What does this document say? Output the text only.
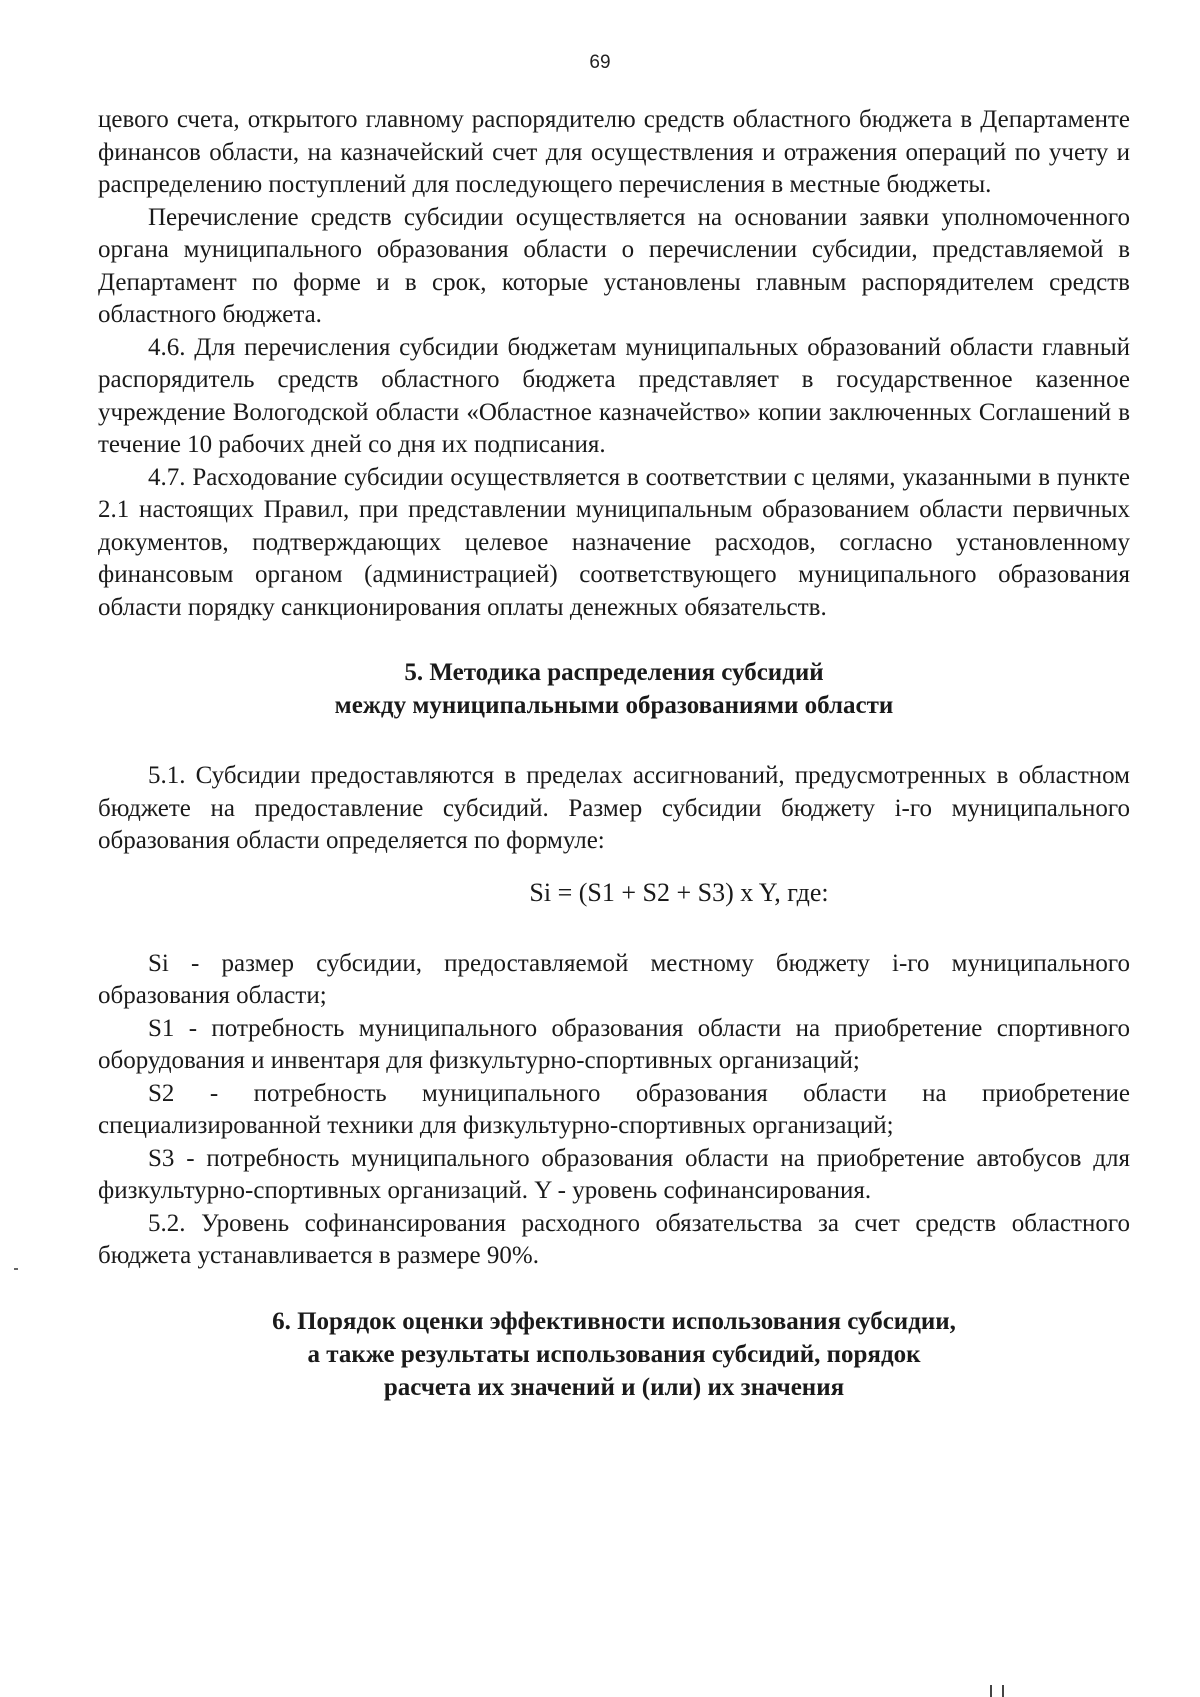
69

цевого счета, открытого главному распорядителю средств областного бюджета в Департаменте финансов области, на казначейский счет для осуществления и отражения операций по учету и распределению поступлений для последующего перечисления в местные бюджеты.

Перечисление средств субсидии осуществляется на основании заявки уполномоченного органа муниципального образования области о перечислении субсидии, представляемой в Департамент по форме и в срок, которые установлены главным распорядителем средств областного бюджета.

4.6. Для перечисления субсидии бюджетам муниципальных образований области главный распорядитель средств областного бюджета представляет в государственное казенное учреждение Вологодской области «Областное казначейство» копии заключенных Соглашений в течение 10 рабочих дней со дня их подписания.

4.7. Расходование субсидии осуществляется в соответствии с целями, указанными в пункте 2.1 настоящих Правил, при представлении муниципальным образованием области первичных документов, подтверждающих целевое назначение расходов, согласно установленному финансовым органом (администрацией) соответствующего муниципального образования области порядку санкционирования оплаты денежных обязательств.

5. Методика распределения субсидий
между муниципальными образованиями области

5.1. Субсидии предоставляются в пределах ассигнований, предусмотренных в областном бюджете на предоставление субсидий. Размер субсидии бюджету i-го муниципального образования области определяется по формуле:

Si = (S1 + S2 + S3) x Y, где:

Si - размер субсидии, предоставляемой местному бюджету i-го муниципального образования области;

S1 - потребность муниципального образования области на приобретение спортивного оборудования и инвентаря для физкультурно-спортивных организаций;

S2 - потребность муниципального образования области на приобретение специализированной техники для физкультурно-спортивных организаций;

S3 - потребность муниципального образования области на приобретение автобусов для физкультурно-спортивных организаций. Y - уровень софинансирования.

5.2. Уровень софинансирования расходного обязательства за счет средств областного бюджета устанавливается в размере 90%.

6. Порядок оценки эффективности использования субсидии,
а также результаты использования субсидий, порядок
расчета их значений и (или) их значения
